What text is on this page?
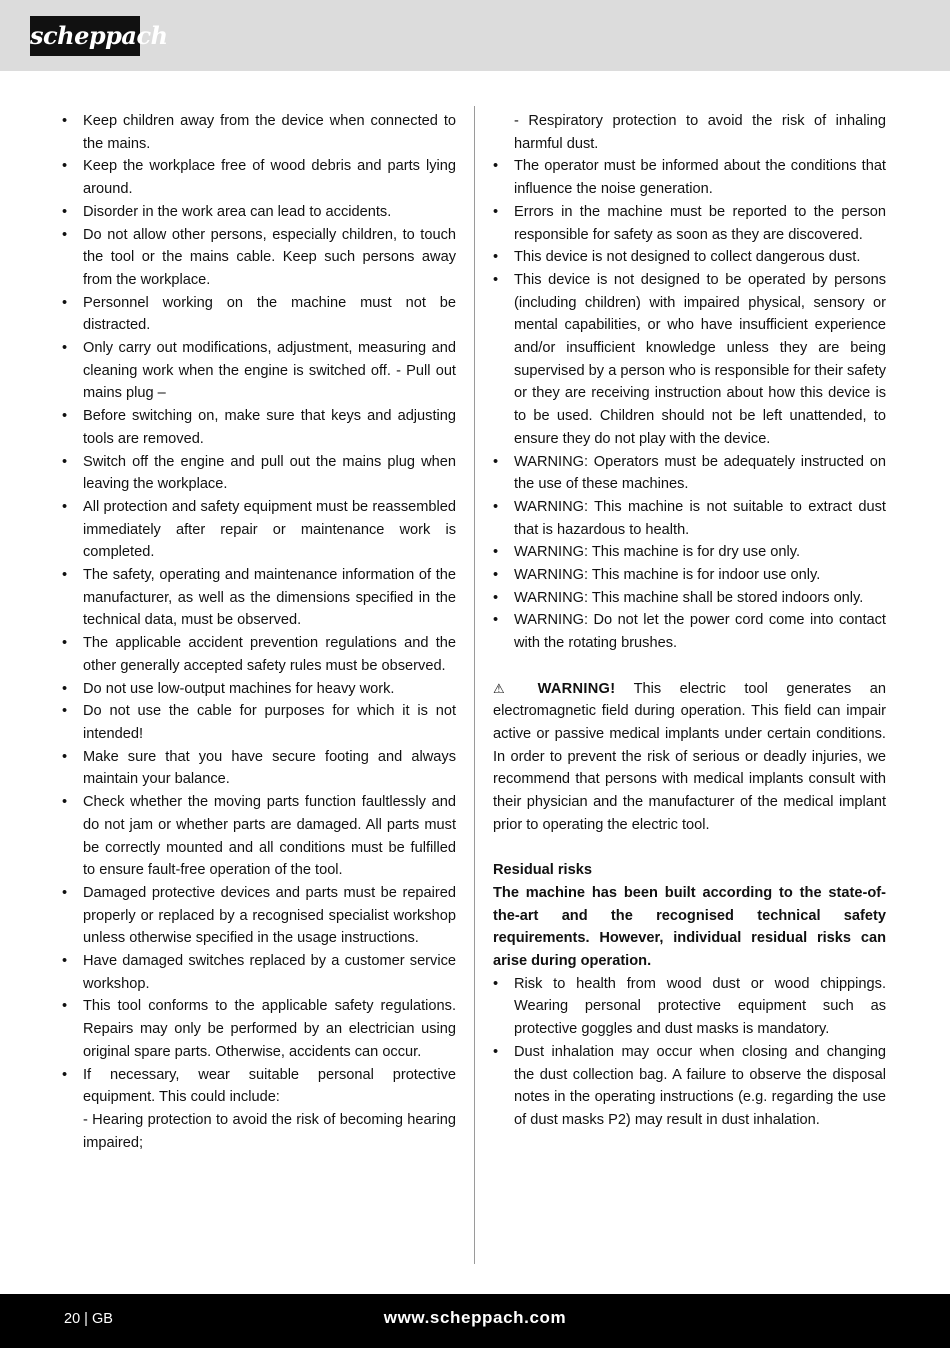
scheppach
• Keep children away from the device when connected to the mains.
• Keep the workplace free of wood debris and parts lying around.
• Disorder in the work area can lead to accidents.
• Do not allow other persons, especially children, to touch the tool or the mains cable. Keep such persons away from the workplace.
• Personnel working on the machine must not be distracted.
• Only carry out modifications, adjustment, measuring and cleaning work when the engine is switched off. - Pull out mains plug –
• Before switching on, make sure that keys and adjusting tools are removed.
• Switch off the engine and pull out the mains plug when leaving the workplace.
• All protection and safety equipment must be reassembled immediately after repair or maintenance work is completed.
• The safety, operating and maintenance information of the manufacturer, as well as the dimensions specified in the technical data, must be observed.
• The applicable accident prevention regulations and the other generally accepted safety rules must be observed.
• Do not use low-output machines for heavy work.
• Do not use the cable for purposes for which it is not intended!
• Make sure that you have secure footing and always maintain your balance.
• Check whether the moving parts function faultlessly and do not jam or whether parts are damaged. All parts must be correctly mounted and all conditions must be fulfilled to ensure fault-free operation of the tool.
• Damaged protective devices and parts must be repaired properly or replaced by a recognised specialist workshop unless otherwise specified in the usage instructions.
• Have damaged switches replaced by a customer service workshop.
• This tool conforms to the applicable safety regulations. Repairs may only be performed by an electrician using original spare parts. Otherwise, accidents can occur.
• If necessary, wear suitable personal protective equipment. This could include:

- Hearing protection to avoid the risk of becoming hearing impaired;

- Respiratory protection to avoid the risk of inhaling harmful dust.

• The operator must be informed about the conditions that influence the noise generation.
• Errors in the machine must be reported to the person responsible for safety as soon as they are discovered.
• This device is not designed to collect dangerous dust.
• This device is not designed to be operated by persons (including children) with impaired physical, sensory or mental capabilities, or who have insufficient experience and/or insufficient knowledge unless they are being supervised by a person who is responsible for their safety or they are receiving instruction about how this device is to be used. Children should not be left unattended, to ensure they do not play with the device.
• WARNING: Operators must be adequately instructed on the use of these machines.
• WARNING: This machine is not suitable to extract dust that is hazardous to health.
• WARNING: This machine is for dry use only.
• WARNING: This machine is for indoor use only.
• WARNING: This machine shall be stored indoors only.
• WARNING: Do not let the power cord come into contact with the rotating brushes.

⚠ WARNING! This electric tool generates an electromagnetic field during operation. This field can impair active or passive medical implants under certain conditions. In order to prevent the risk of serious or deadly injuries, we recommend that persons with medical implants consult with their physician and the manufacturer of the medical implant prior to operating the electric tool.

Residual risks

The machine has been built according to the state-of-the-art and the recognised technical safety requirements. However, individual residual risks can arise during operation.

• Risk to health from wood dust or wood chippings. Wearing personal protective equipment such as protective goggles and dust masks is mandatory.
• Dust inhalation may occur when closing and changing the dust collection bag. A failure to observe the disposal notes in the operating instructions (e.g. regarding the use of dust masks P2) may result in dust inhalation.
20 | GB	www.scheppach.com
